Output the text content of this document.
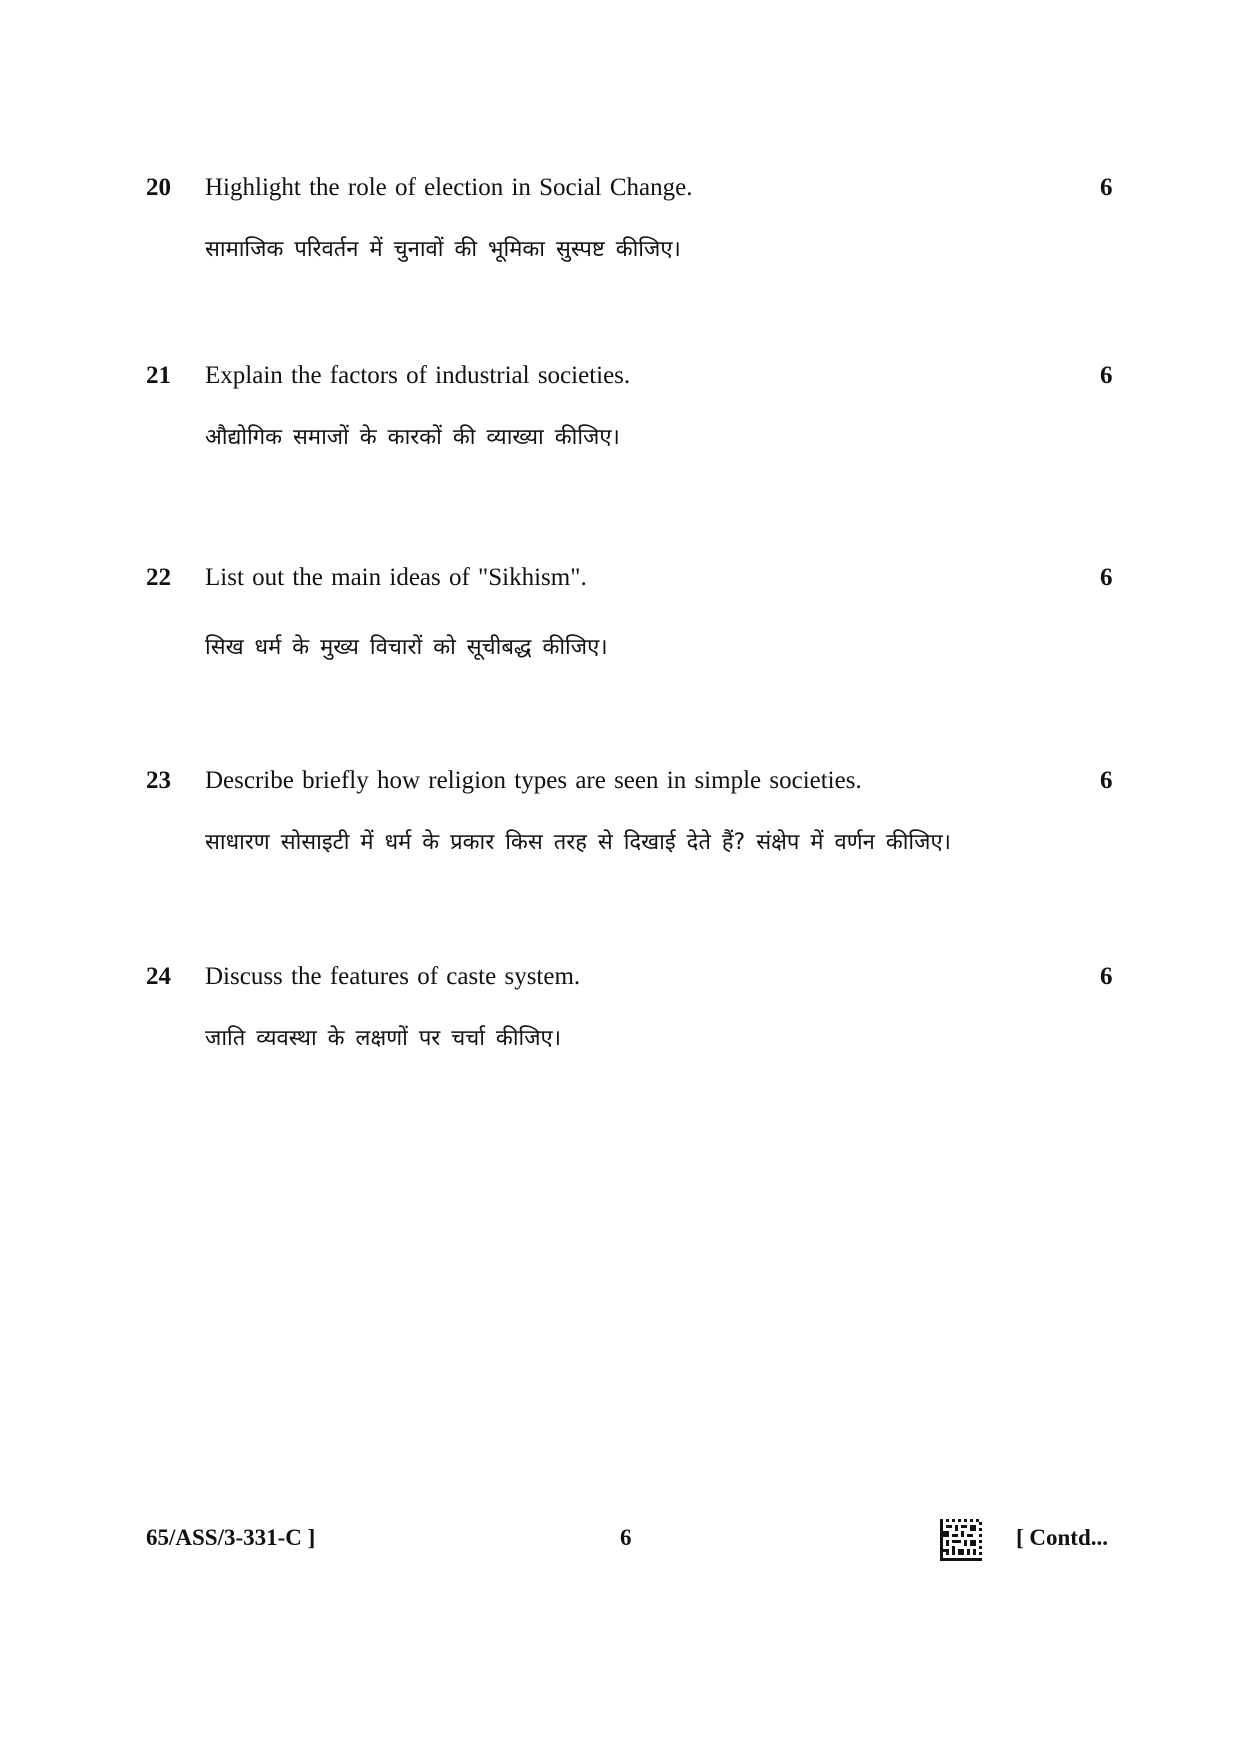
20 Highlight the role of election in Social Change.	6
सामाजिक परिवर्तन में चुनावों की भूमिका सुस्पष्ट कीजिए।
21 Explain the factors of industrial societies.	6
औद्योगिक समाजों के कारकों की व्याख्या कीजिए।
22 List out the main ideas of "Sikhism".	6
सिख धर्म के मुख्य विचारों को सूचीबद्ध कीजिए।
23 Describe briefly how religion types are seen in simple societies.	6
साधारण सोसाइटी में धर्म के प्रकार किस तरह से दिखाई देते हैं? संक्षेप में वर्णन कीजिए।
24 Discuss the features of caste system.	6
जाति व्यवस्था के लक्षणों पर चर्चा कीजिए।
65/ASS/3-331-C ]	6	[ Contd...
